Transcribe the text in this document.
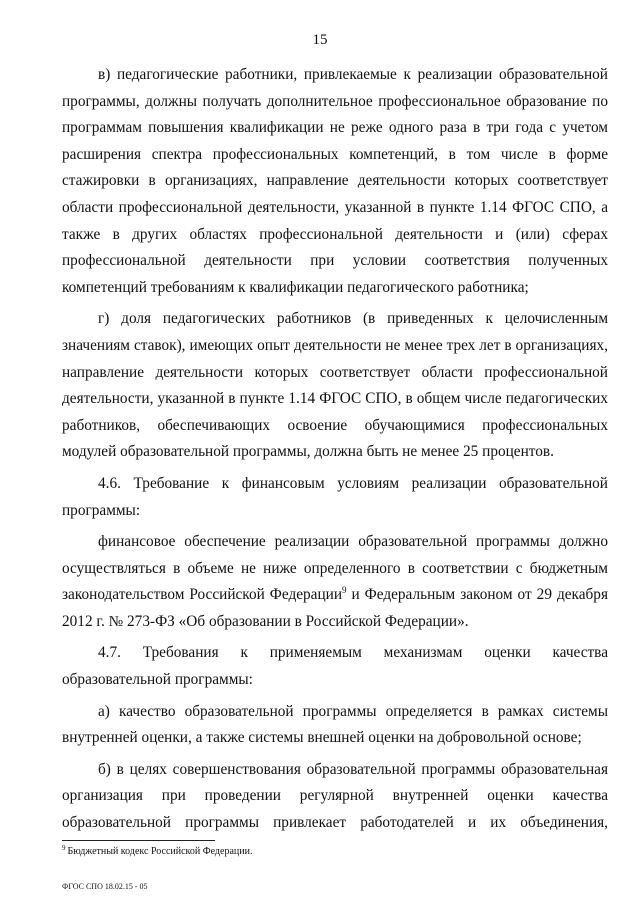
15

в) педагогические работники, привлекаемые к реализации образовательной программы, должны получать дополнительное профессиональное образование по программам повышения квалификации не реже одного раза в три года с учетом расширения спектра профессиональных компетенций, в том числе в форме стажировки в организациях, направление деятельности которых соответствует области профессиональной деятельности, указанной в пункте 1.14 ФГОС СПО, а также в других областях профессиональной деятельности и (или) сферах профессиональной деятельности при условии соответствия полученных компетенций требованиям к квалификации педагогического работника;

г) доля педагогических работников (в приведенных к целочисленным значениям ставок), имеющих опыт деятельности не менее трех лет в организациях, направление деятельности которых соответствует области профессиональной деятельности, указанной в пункте 1.14 ФГОС СПО, в общем числе педагогических работников, обеспечивающих освоение обучающимися профессиональных модулей образовательной программы, должна быть не менее 25 процентов.

4.6. Требование к финансовым условиям реализации образовательной программы:

финансовое обеспечение реализации образовательной программы должно осуществляться в объеме не ниже определенного в соответствии с бюджетным законодательством Российской Федерации$^9$ и Федеральным законом от 29 декабря 2012 г. № 273-ФЗ «Об образовании в Российской Федерации».

4.7. Требования к применяемым механизмам оценки качества образовательной программы:

а) качество образовательной программы определяется в рамках системы внутренней оценки, а также системы внешней оценки на добровольной основе;

б) в целях совершенствования образовательной программы образовательная организация при проведении регулярной внутренней оценки качества образовательной программы привлекает работодателей и их объединения,

$^9$ Бюджетный кодекс Российской Федерации.
ФГОС СПО 18.02.15 - 05
